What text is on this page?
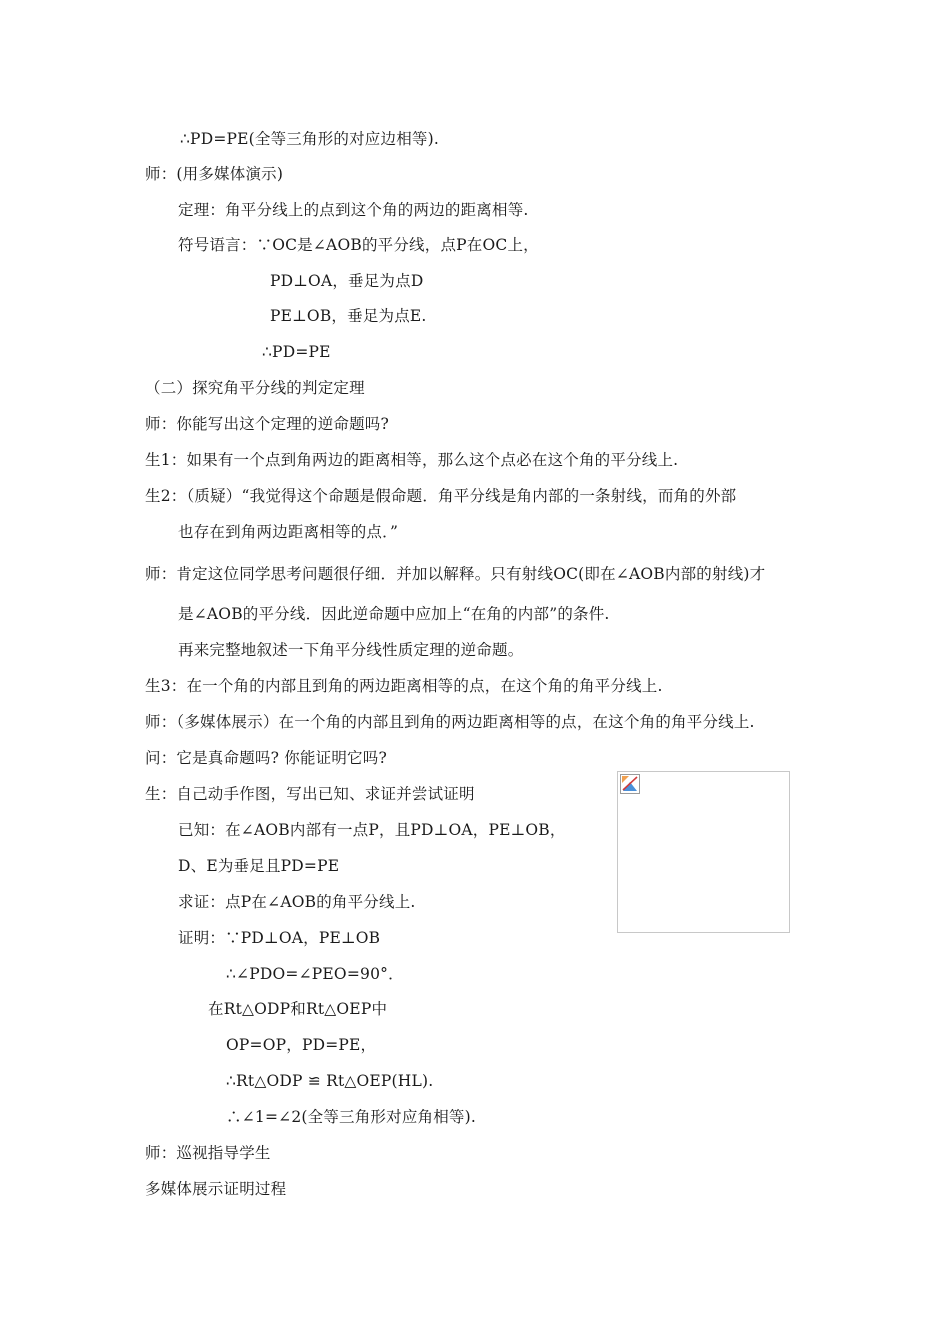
∴PD=PE(全等三角形的对应边相等).
师：(用多媒体演示)
定理：角平分线上的点到这个角的两边的距离相等.
符号语言：∵OC是∠AOB的平分线，点P在OC上，
PD⊥OA，垂足为点D
PE⊥OB，垂足为点E.
∴PD=PE
（二）探究角平分线的判定定理
师：你能写出这个定理的逆命题吗?
生1：如果有一个点到角两边的距离相等，那么这个点必在这个角的平分线上.
生2：（质疑）“我觉得这个命题是假命题．角平分线是角内部的一条射线，而角的外部
也存在到角两边距离相等的点．”
师：肯定这位同学思考问题很仔细．并加以解释。只有射线OC(即在∠AOB内部的射线)才
是∠AOB的平分线．因此逆命题中应加上“在角的内部”的条件.
再来完整地叙述一下角平分线性质定理的逆命题。
生3：在一个角的内部且到角的两边距离相等的点，在这个角的角平分线上.
师：（多媒体展示）在一个角的内部且到角的两边距离相等的点，在这个角的角平分线上.
问：它是真命题吗? 你能证明它吗?
生：自己动手作图，写出已知、求证并尝试证明
已知：在∠AOB内部有一点P，且PD⊥OA，PE⊥OB，
D、E为垂足且PD=PE
求证：点P在∠AOB的角平分线上.
证明：∵PD⊥OA，PE⊥OB
∴∠PDO=∠PEO=90°．
在Rt△ODP和Rt△OEP中
OP=OP，PD=PE，
∴Rt△ODP ≌ Rt△OEP(HL).
∴∠1=∠2(全等三角形对应角相等).
师：巡视指导学生
多媒体展示证明过程
